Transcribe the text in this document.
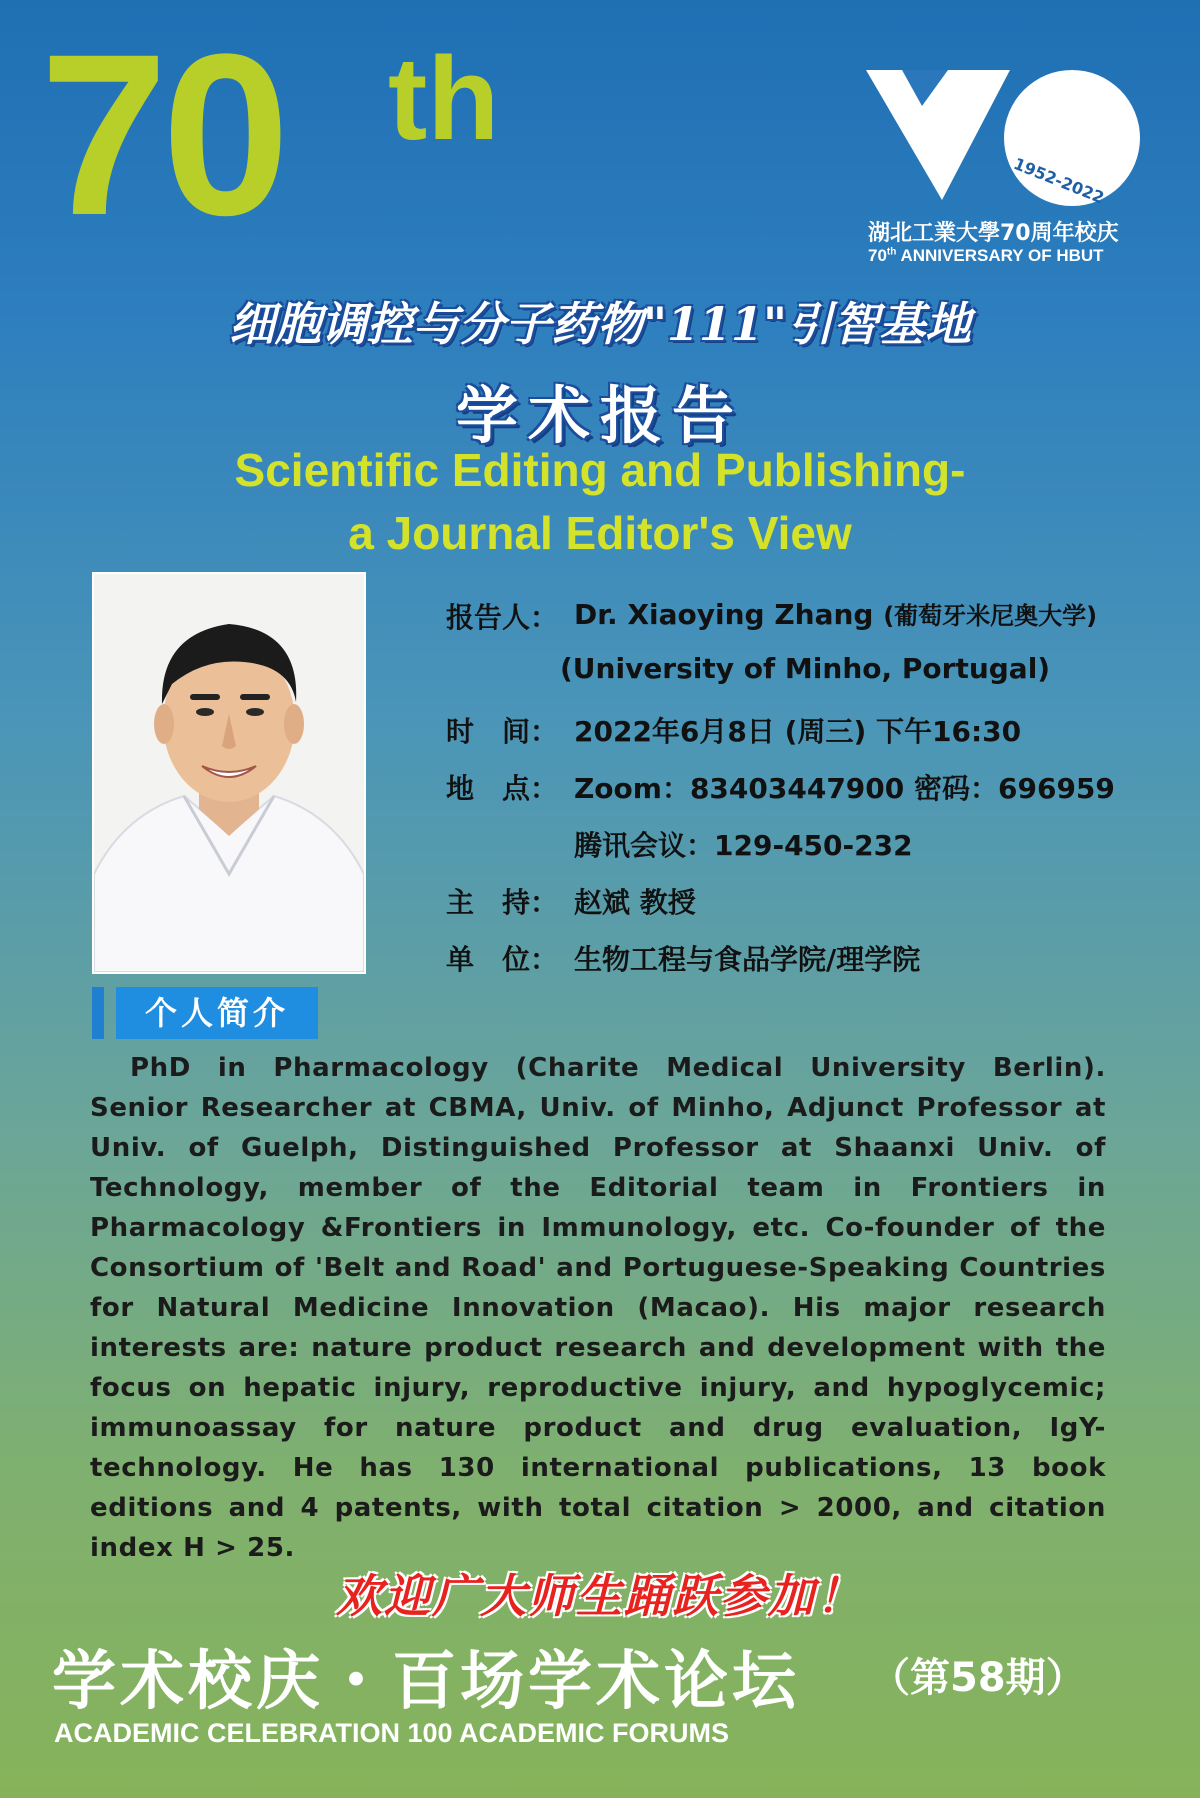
70 th
1952-2022
湖北工業大學70周年校庆
70th ANNIVERSARY OF HBUT
细胞调控与分子药物"111"引智基地
学术报告
Scientific Editing and Publishing-
a Journal Editor's View
报告人： Dr. Xiaoying Zhang (葡萄牙米尼奥大学)
(University of Minho, Portugal)
时　间： 2022年6月8日 (周三) 下午16:30
地　点： Zoom：83403447900 密码：696959
腾讯会议：129-450-232
主　持： 赵斌 教授
单　位： 生物工程与食品学院/理学院
个人简介
PhD in Pharmacology (Charite Medical University Berlin). Senior Researcher at CBMA, Univ. of Minho, Adjunct Professor at Univ. of Guelph, Distinguished Professor at Shaanxi Univ. of Technology, member of the Editorial team in Frontiers in Pharmacology &Frontiers in Immunology, etc. Co-founder of the Consortium of 'Belt and Road' and Portuguese-Speaking Countries for Natural Medicine Innovation (Macao). His major research interests are: nature product research and development with the focus on hepatic injury, reproductive injury, and hypoglycemic; immunoassay for nature product and drug evaluation, IgY-technology. He has 130 international publications, 13 book editions and 4 patents, with total citation > 2000, and citation index H > 25.
欢迎广大师生踊跃参加！
学术校庆・百场学术论坛 （第58期）
ACADEMIC CELEBRATION 100 ACADEMIC FORUMS
